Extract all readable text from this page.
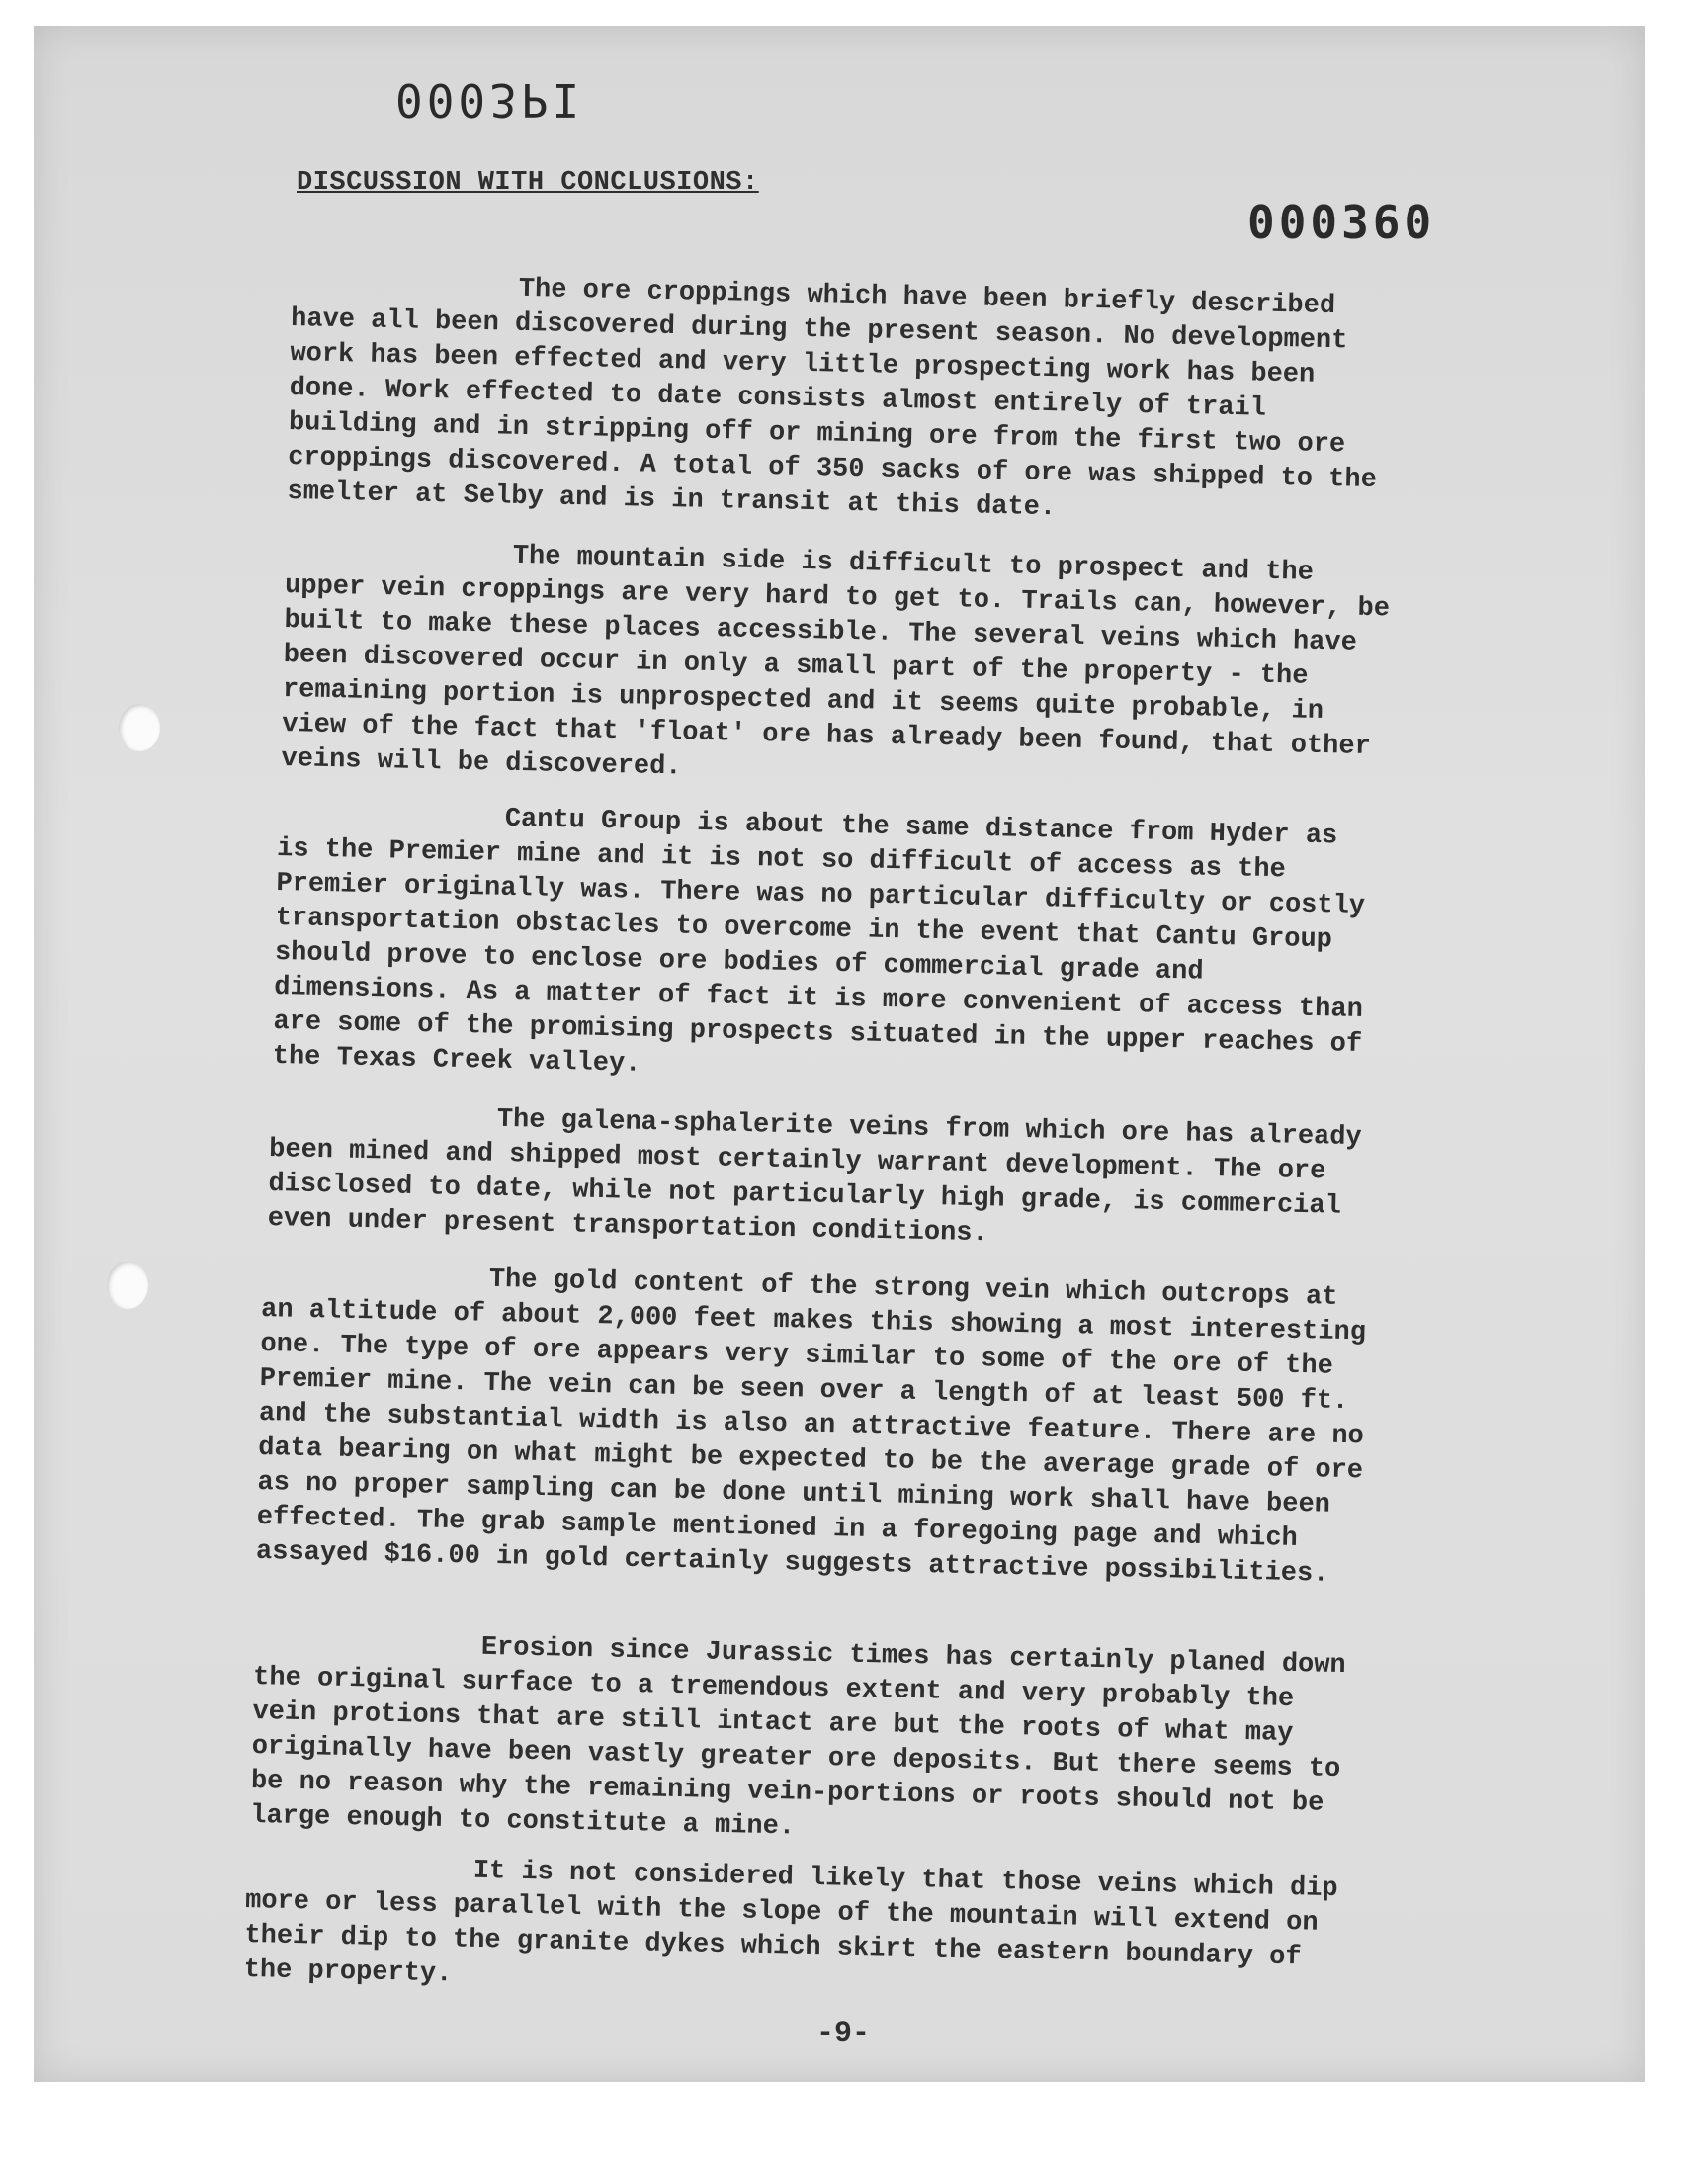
000ЗРI
000360
DISCUSSION WITH CONCLUSIONS:

The ore croppings which have been briefly described have all been discovered during the present season. No development work has been effected and very little prospecting work has been done. Work effected to date consists almost entirely of trail building and in stripping off or mining ore from the first two ore croppings discovered. A total of 350 sacks of ore was shipped to the smelter at Selby and is in transit at this date.

The mountain side is difficult to prospect and the upper vein croppings are very hard to get to. Trails can, however, be built to make these places accessible. The several veins which have been discovered occur in only a small part of the property - the remaining portion is unprospected and it seems quite probable, in view of the fact that 'float' ore has already been found, that other veins will be discovered.

Cantu Group is about the same distance from Hyder as is the Premier mine and it is not so difficult of access as the Premier originally was. There was no particular difficulty or costly transportation obstacles to overcome in the event that Cantu Group should prove to enclose ore bodies of commercial grade and dimensions. As a matter of fact it is more convenient of access than are some of the promising prospects situated in the upper reaches of the Texas Creek valley.

The galena-sphalerite veins from which ore has already been mined and shipped most certainly warrant development. The ore disclosed to date, while not particularly high grade, is commercial even under present transportation conditions.

The gold content of the strong vein which outcrops at an altitude of about 2,000 feet makes this showing a most interesting one. The type of ore appears very similar to some of the ore of the Premier mine. The vein can be seen over a length of at least 500 ft. and the substantial width is also an attractive feature. There are no data bearing on what might be expected to be the average grade of ore as no proper sampling can be done until mining work shall have been effected. The grab sample mentioned in a foregoing page and which assayed $16.00 in gold certainly suggests attractive possibilities.

Erosion since Jurassic times has certainly planed down the original surface to a tremendous extent and very probably the vein protions that are still intact are but the roots of what may originally have been vastly greater ore deposits. But there seems to be no reason why the remaining vein-portions or roots should not be large enough to constitute a mine.

It is not considered likely that those veins which dip more or less parallel with the slope of the mountain will extend on their dip to the granite dykes which skirt the eastern boundary of the property.

-9-
